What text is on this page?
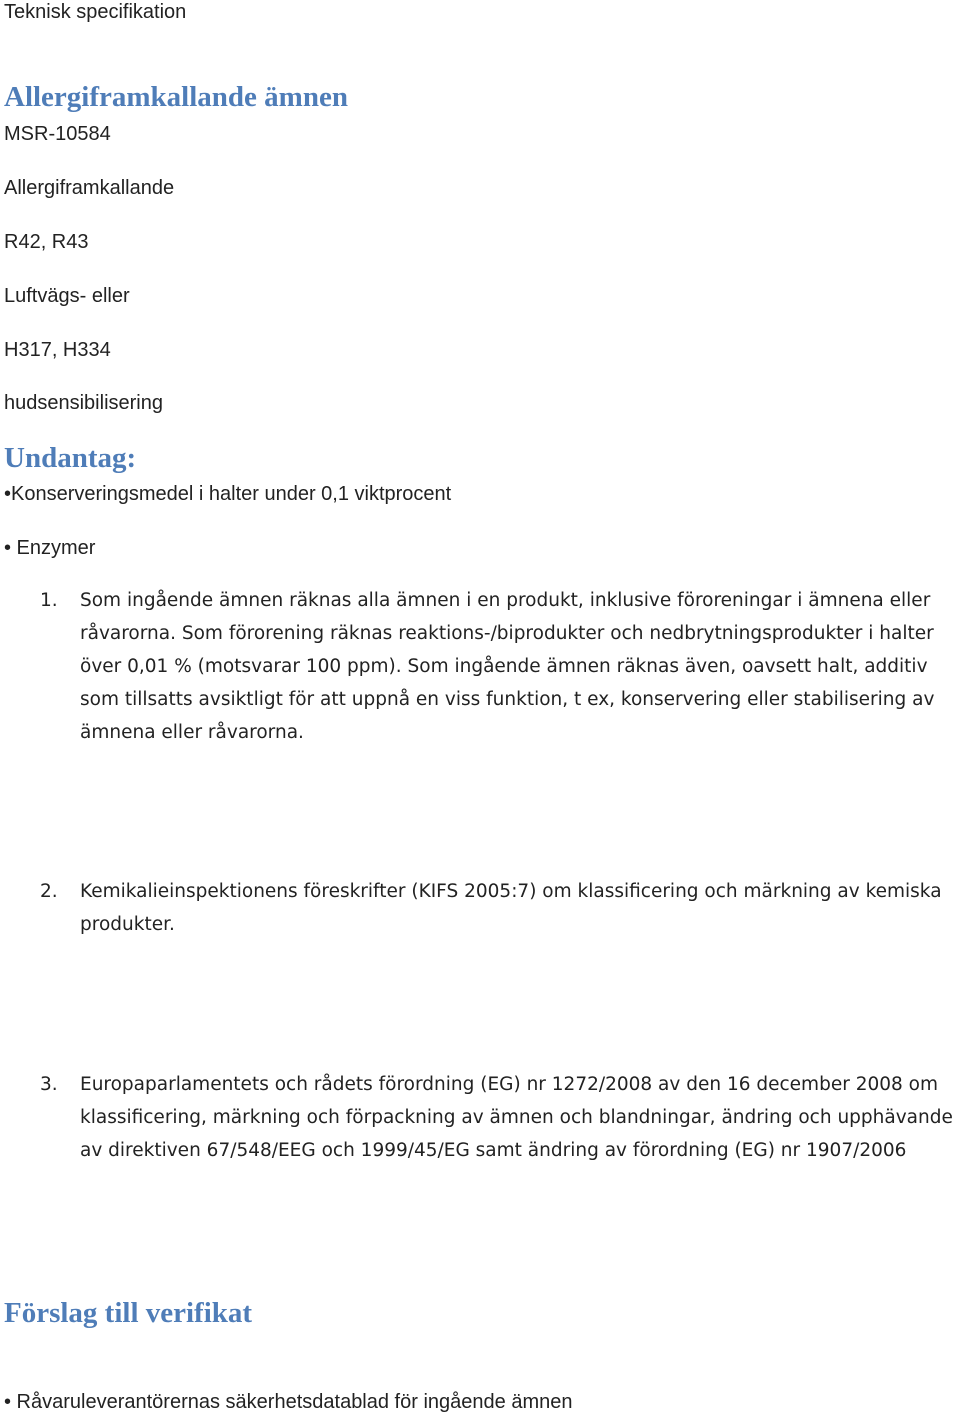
Teknisk specifikation
Allergiframkallande ämnen
MSR-10584
Allergiframkallande
R42, R43
Luftvägs- eller
H317, H334
hudsensibilisering
Undantag:
•Konserveringsmedel i halter under 0,1 viktprocent
• Enzymer
1.	Som ingående ämnen räknas alla ämnen i en produkt, inklusive föroreningar i ämnena eller
råvarorna. Som förorening räknas reaktions-/biprodukter och nedbrytningsprodukter i halter
över 0,01 % (motsvarar 100 ppm). Som ingående ämnen räknas även, oavsett halt, additiv
som tillsatts avsiktligt för att uppnå en viss funktion, t ex, konservering eller stabilisering av
ämnena eller råvarorna.
2.	Kemikalieinspektionens föreskrifter (KIFS 2005:7) om klassificering och märkning av kemiska
produkter.
3.	Europaparlamentets och rådets förordning (EG) nr 1272/2008 av den 16 december 2008 om
klassificering, märkning och förpackning av ämnen och blandningar, ändring och upphävande
av direktiven 67/548/EEG och 1999/45/EG samt ändring av förordning (EG) nr 1907/2006
Förslag till verifikat
• Råvaruleverantörernas säkerhetsdatablad för ingående ämnen
